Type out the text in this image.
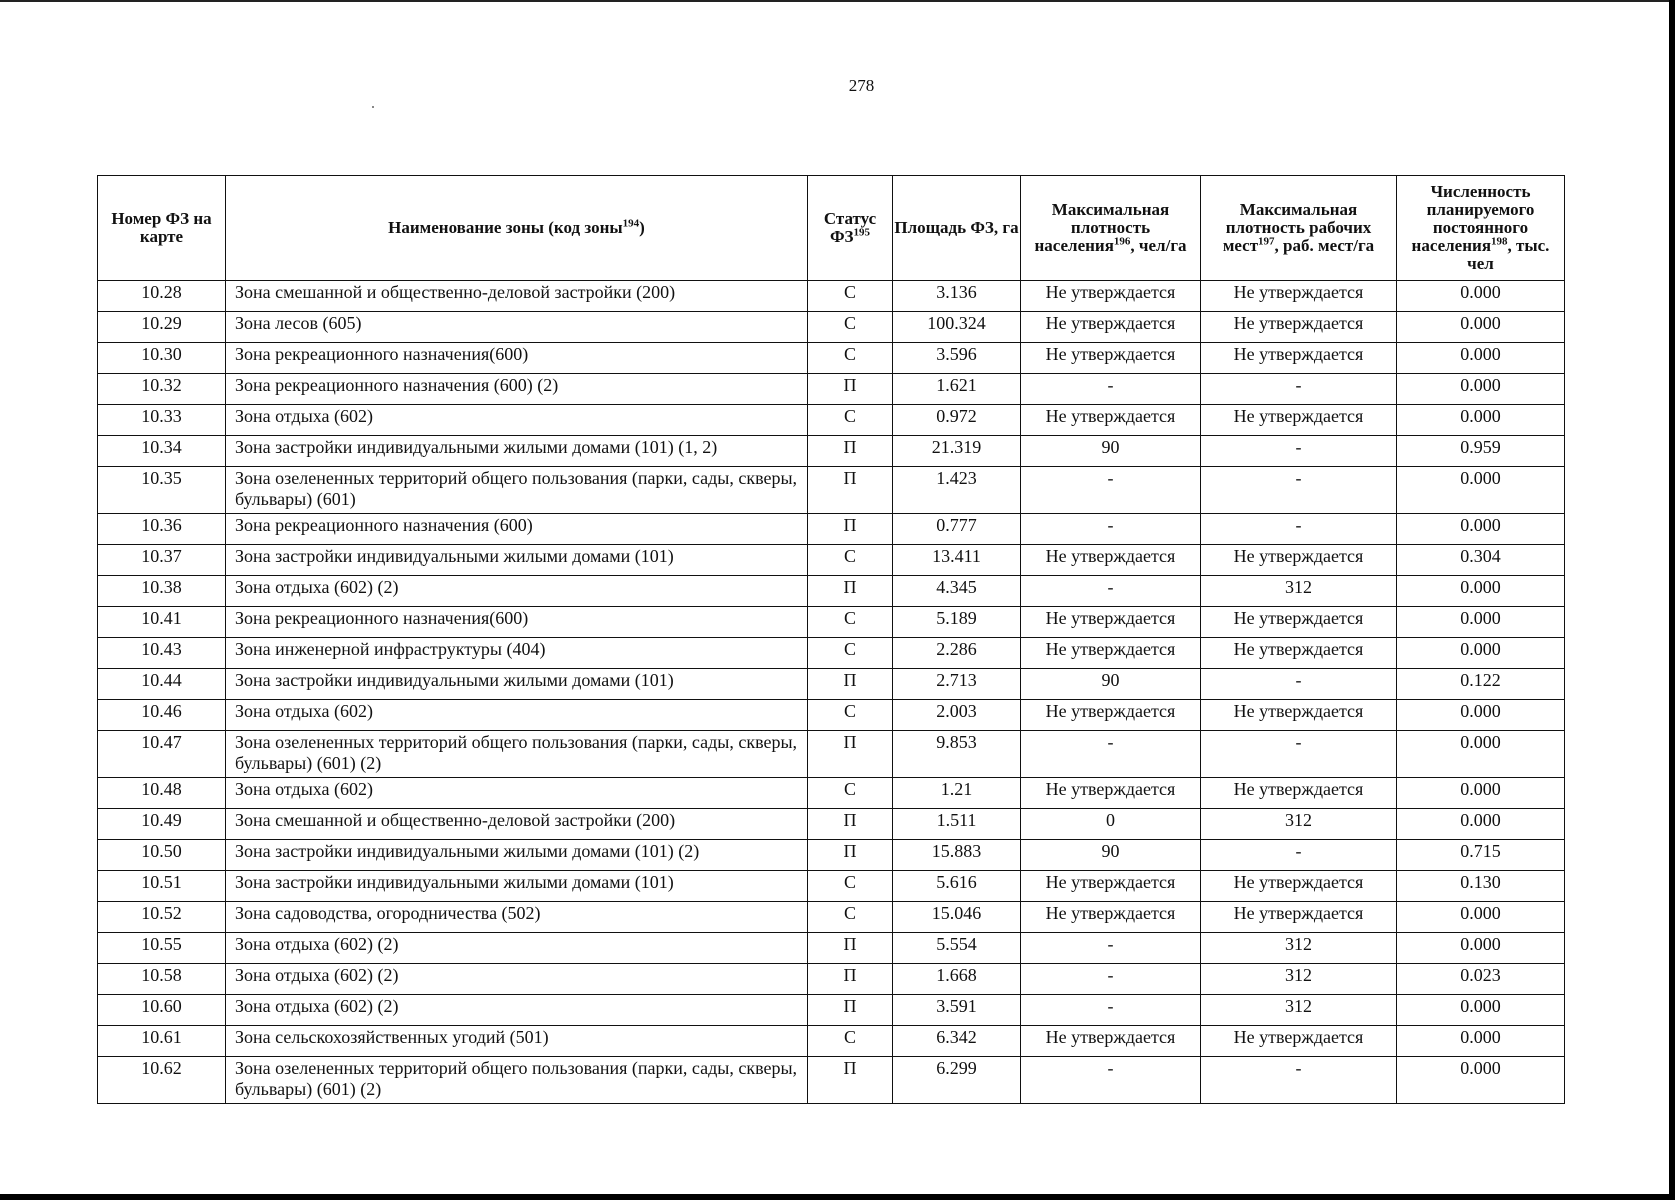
278
Номер ФЗ на карте	Наименование зоны (код зоны$^{194}$)	Статус ФЗ$^{195}$	Площадь ФЗ, га	Максимальная плотность населения$^{196}$, чел/га	Максимальная плотность рабочих мест$^{197}$, раб. мест/га	Численность планируемого постоянного населения$^{198}$, тыс. чел
10.28	Зона смешанной и общественно-деловой застройки (200)	С	3.136	Не утверждается	Не утверждается	0.000
10.29	Зона лесов (605)	С	100.324	Не утверждается	Не утверждается	0.000
10.30	Зона рекреационного назначения(600)	С	3.596	Не утверждается	Не утверждается	0.000
10.32	Зона рекреационного назначения (600) (2)	П	1.621	-	-	0.000
10.33	Зона отдыха (602)	С	0.972	Не утверждается	Не утверждается	0.000
10.34	Зона застройки индивидуальными жилыми домами (101) (1, 2)	П	21.319	90	-	0.959
10.35	Зона озелененных территорий общего пользования (парки, сады, скверы, бульвары) (601)	П	1.423	-	-	0.000
10.36	Зона рекреационного назначения (600)	П	0.777	-	-	0.000
10.37	Зона застройки индивидуальными жилыми домами (101)	С	13.411	Не утверждается	Не утверждается	0.304
10.38	Зона отдыха (602) (2)	П	4.345	-	312	0.000
10.41	Зона рекреационного назначения(600)	С	5.189	Не утверждается	Не утверждается	0.000
10.43	Зона инженерной инфраструктуры (404)	С	2.286	Не утверждается	Не утверждается	0.000
10.44	Зона застройки индивидуальными жилыми домами (101)	П	2.713	90	-	0.122
10.46	Зона отдыха (602)	С	2.003	Не утверждается	Не утверждается	0.000
10.47	Зона озелененных территорий общего пользования (парки, сады, скверы, бульвары) (601) (2)	П	9.853	-	-	0.000
10.48	Зона отдыха (602)	С	1.21	Не утверждается	Не утверждается	0.000
10.49	Зона смешанной и общественно-деловой застройки (200)	П	1.511	0	312	0.000
10.50	Зона застройки индивидуальными жилыми домами (101) (2)	П	15.883	90	-	0.715
10.51	Зона застройки индивидуальными жилыми домами (101)	С	5.616	Не утверждается	Не утверждается	0.130
10.52	Зона садоводства, огородничества (502)	С	15.046	Не утверждается	Не утверждается	0.000
10.55	Зона отдыха (602) (2)	П	5.554	-	312	0.000
10.58	Зона отдыха (602) (2)	П	1.668	-	312	0.023
10.60	Зона отдыха (602) (2)	П	3.591	-	312	0.000
10.61	Зона сельскохозяйственных угодий (501)	С	6.342	Не утверждается	Не утверждается	0.000
10.62	Зона озелененных территорий общего пользования (парки, сады, скверы, бульвары) (601) (2)	П	6.299	-	-	0.000
